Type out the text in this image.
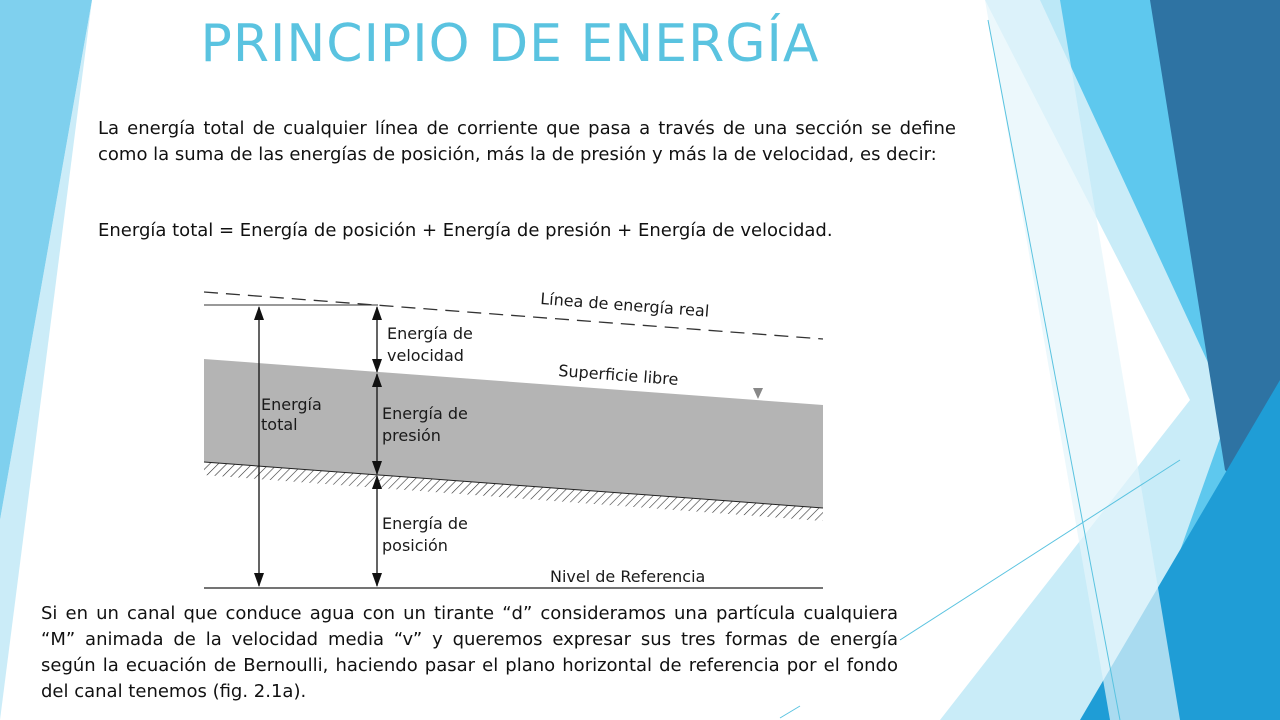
PRINCIPIO DE ENERGÍA

La energía total de cualquier línea de corriente que pasa a través de una sección se define como la suma de las energías de posición, más la de presión y más la de velocidad, es decir:

Energía total = Energía de posición + Energía de presión + Energía de velocidad.

Línea de energía real
Superficie libre
Nivel de Referencia
Energía
total
Energía de
velocidad
Energía de
presión
Energía de
posición

Si en un canal que conduce agua con un tirante “d” consideramos una partícula cualquiera “M” animada de la velocidad media “v” y queremos expresar sus tres formas de energía según la ecuación de Bernoulli, haciendo pasar el plano horizontal de referencia por el fondo del canal tenemos (fig. 2.1a).
